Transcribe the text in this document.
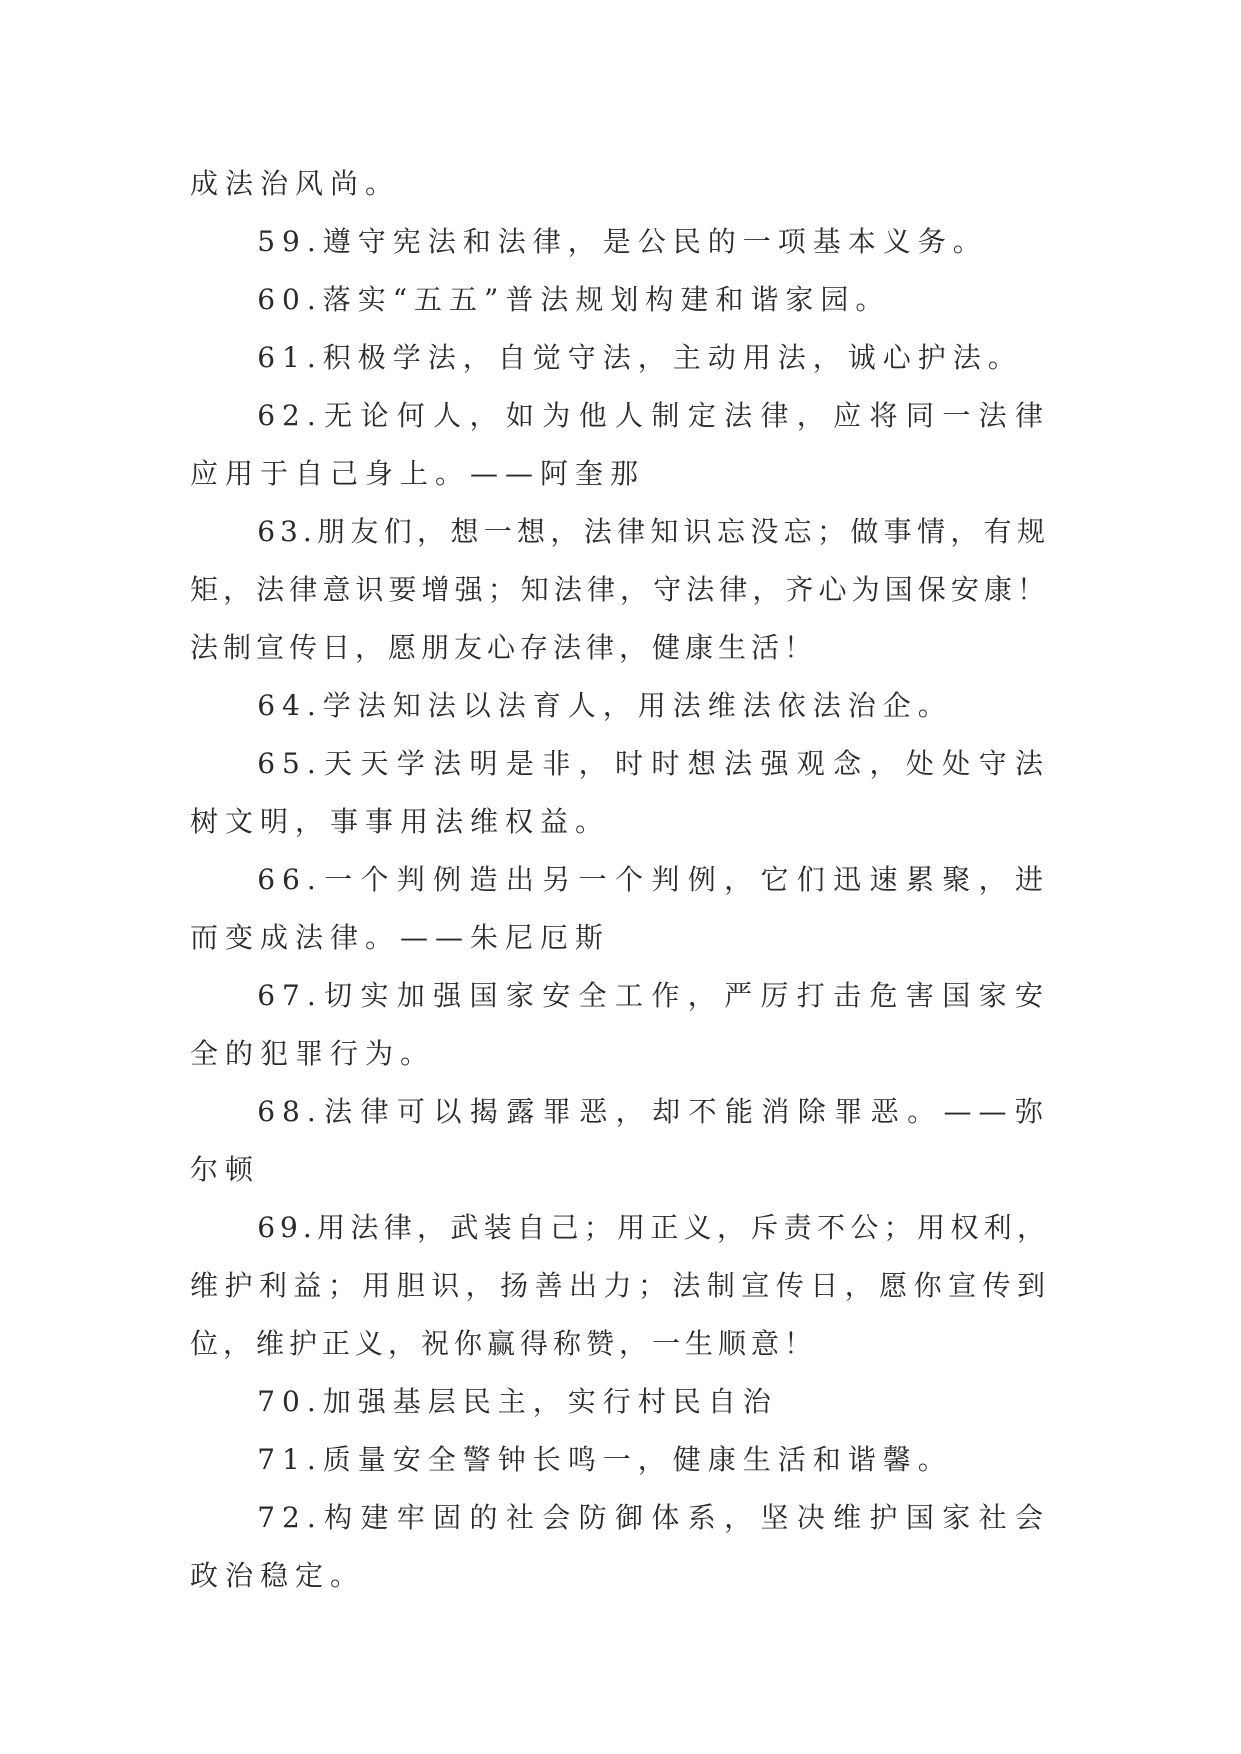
成法治风尚。

59.遵守宪法和法律，是公民的一项基本义务。

60.落实“五五”普法规划构建和谐家园。

61.积极学法，自觉守法，主动用法，诚心护法。

62.无论何人，如为他人制定法律，应将同一法律应用于自己身上。——阿奎那

63.朋友们，想一想，法律知识忘没忘；做事情，有规矩，法律意识要增强；知法律，守法律，齐心为国保安康！法制宣传日，愿朋友心存法律，健康生活！

64.学法知法以法育人，用法维法依法治企。

65.天天学法明是非，时时想法强观念，处处守法树文明，事事用法维权益。

66.一个判例造出另一个判例，它们迅速累聚，进而变成法律。——朱尼厄斯

67.切实加强国家安全工作，严厉打击危害国家安全的犯罪行为。

68.法律可以揭露罪恶，却不能消除罪恶。——弥尔顿

69.用法律，武装自己；用正义，斥责不公；用权利，维护利益；用胆识，扬善出力；法制宣传日，愿你宣传到位，维护正义，祝你赢得称赞，一生顺意！

70.加强基层民主，实行村民自治

71.质量安全警钟长鸣一，健康生活和谐馨。

72.构建牢固的社会防御体系，坚决维护国家社会政治稳定。
